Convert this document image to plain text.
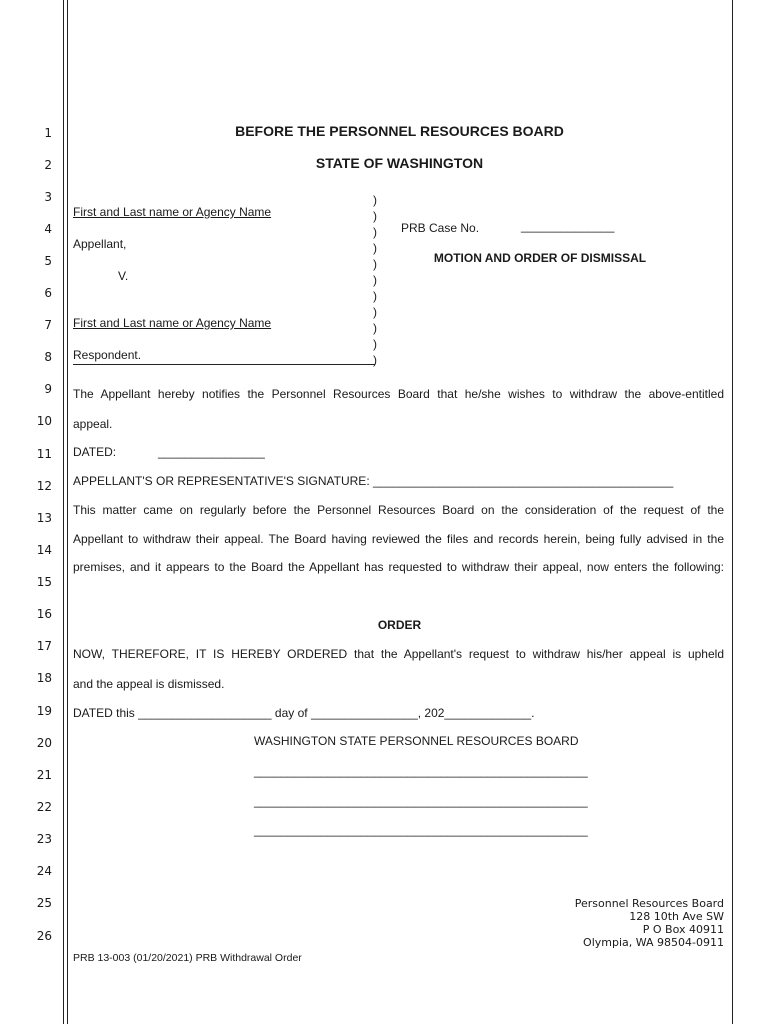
1
2
3
4
5
6
7
8
9
10
11
12
13
14
15
16
17
18
19
20
21
22
23
24
25
26
BEFORE THE PERSONNEL RESOURCES BOARD
STATE OF WASHINGTON
First and Last name or Agency Name
Appellant,
V.
First and Last name or Agency Name
Respondent.
)
)
)
)
)
)
)
)
)
)
)
PRB Case No.	______________
MOTION AND ORDER OF DISMISSAL
The Appellant hereby notifies the Personnel Resources Board that he/she wishes to withdraw the above-entitled
appeal.
DATED:	________________
APPELLANT'S OR REPRESENTATIVE'S SIGNATURE: _____________________________________________
This matter came on regularly before the Personnel Resources Board on the consideration of the request of the
Appellant to withdraw their appeal. The Board having reviewed the files and records herein, being fully advised in the
premises, and it appears to the Board the Appellant has requested to withdraw their appeal, now enters the following:
ORDER
NOW, THEREFORE, IT IS HEREBY ORDERED that the Appellant's request to withdraw his/her appeal is upheld
and the appeal is dismissed.
DATED this ____________________ day of ________________, 202_____________.
WASHINGTON STATE PERSONNEL RESOURCES BOARD
__________________________________________________
__________________________________________________
__________________________________________________
Personnel Resources Board
128 10th Ave SW
P O Box 40911
Olympia, WA 98504-0911
PRB 13-003 (01/20/2021) PRB Withdrawal Order
